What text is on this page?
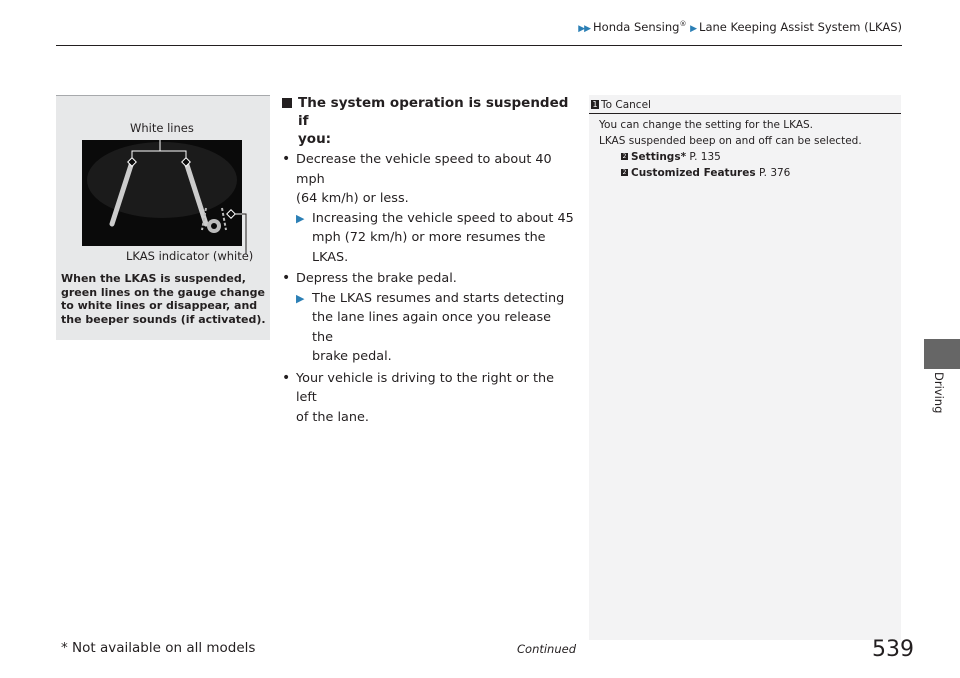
▶▶ Honda Sensing® ▶ Lane Keeping Assist System (LKAS)
Driving
White lines
LKAS indicator (white)
When the LKAS is suspended,
green lines on the gauge change
to white lines or disappear, and
the beeper sounds (if activated).
The system operation is suspended if
you:
• Decrease the vehicle speed to about 40 mph
(64 km/h) or less.
▶ Increasing the vehicle speed to about 45
mph (72 km/h) or more resumes the
LKAS.
• Depress the brake pedal.
▶ The LKAS resumes and starts detecting
the lane lines again once you release the
brake pedal.
• Your vehicle is driving to the right or the left
of the lane.
1 To Cancel
You can change the setting for the LKAS.
LKAS suspended beep on and off can be selected.
2 Settings* P. 135
2 Customized Features P. 376
* Not available on all models	Continued	539
